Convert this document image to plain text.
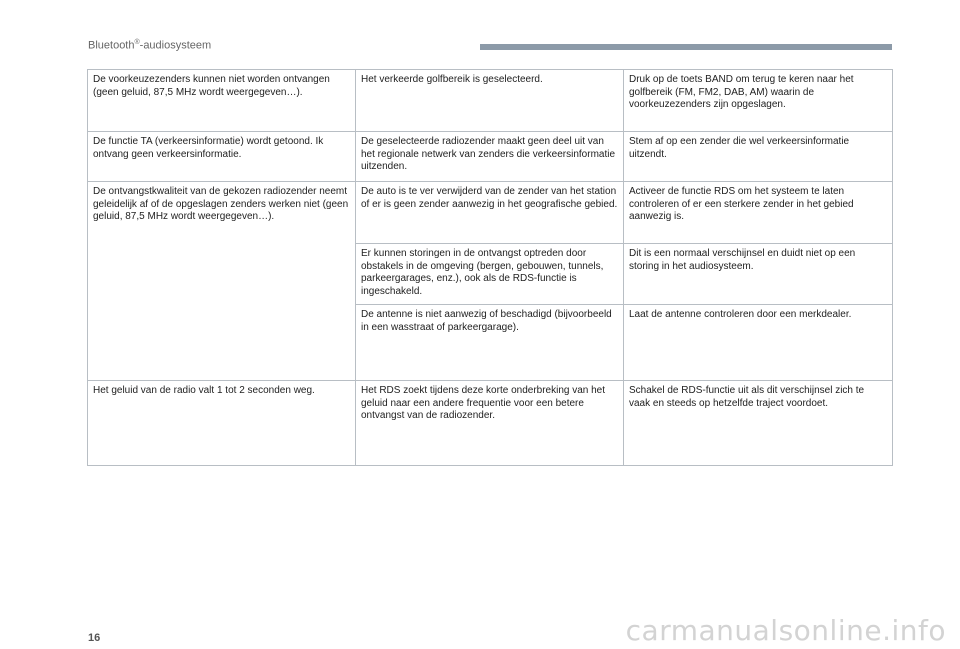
Bluetooth®-audiosysteem
De voorkeuzezenders kunnen niet worden ontvangen (geen geluid, 87,5 MHz wordt weergegeven…).	Het verkeerde golfbereik is geselecteerd.	Druk op de toets BAND om terug te keren naar het golfbereik (FM, FM2, DAB, AM) waarin de voorkeuzezenders zijn opgeslagen.
De functie TA (verkeersinformatie) wordt getoond. Ik ontvang geen verkeersinformatie.	De geselecteerde radiozender maakt geen deel uit van het regionale netwerk van zenders die verkeersinformatie uitzenden.	Stem af op een zender die wel verkeersinformatie uitzendt.
De ontvangstkwaliteit van de gekozen radiozender neemt geleidelijk af of de opgeslagen zenders werken niet (geen geluid, 87,5 MHz wordt weergegeven…).	De auto is te ver verwijderd van de zender van het station of er is geen zender aanwezig in het geografische gebied.	Activeer de functie RDS om het systeem te laten controleren of er een sterkere zender in het gebied aanwezig is.
	Er kunnen storingen in de ontvangst optreden door obstakels in de omgeving (bergen, gebouwen, tunnels, parkeergarages, enz.), ook als de RDS-functie is ingeschakeld.	Dit is een normaal verschijnsel en duidt niet op een storing in het audiosysteem.
	De antenne is niet aanwezig of beschadigd (bijvoorbeeld in een wasstraat of parkeergarage).	Laat de antenne controleren door een merkdealer.
Het geluid van de radio valt 1 tot 2 seconden weg.	Het RDS zoekt tijdens deze korte onderbreking van het geluid naar een andere frequentie voor een betere ontvangst van de radiozender.	Schakel de RDS-functie uit als dit verschijnsel zich te vaak en steeds op hetzelfde traject voordoet.
16	carmanualsonline.info
